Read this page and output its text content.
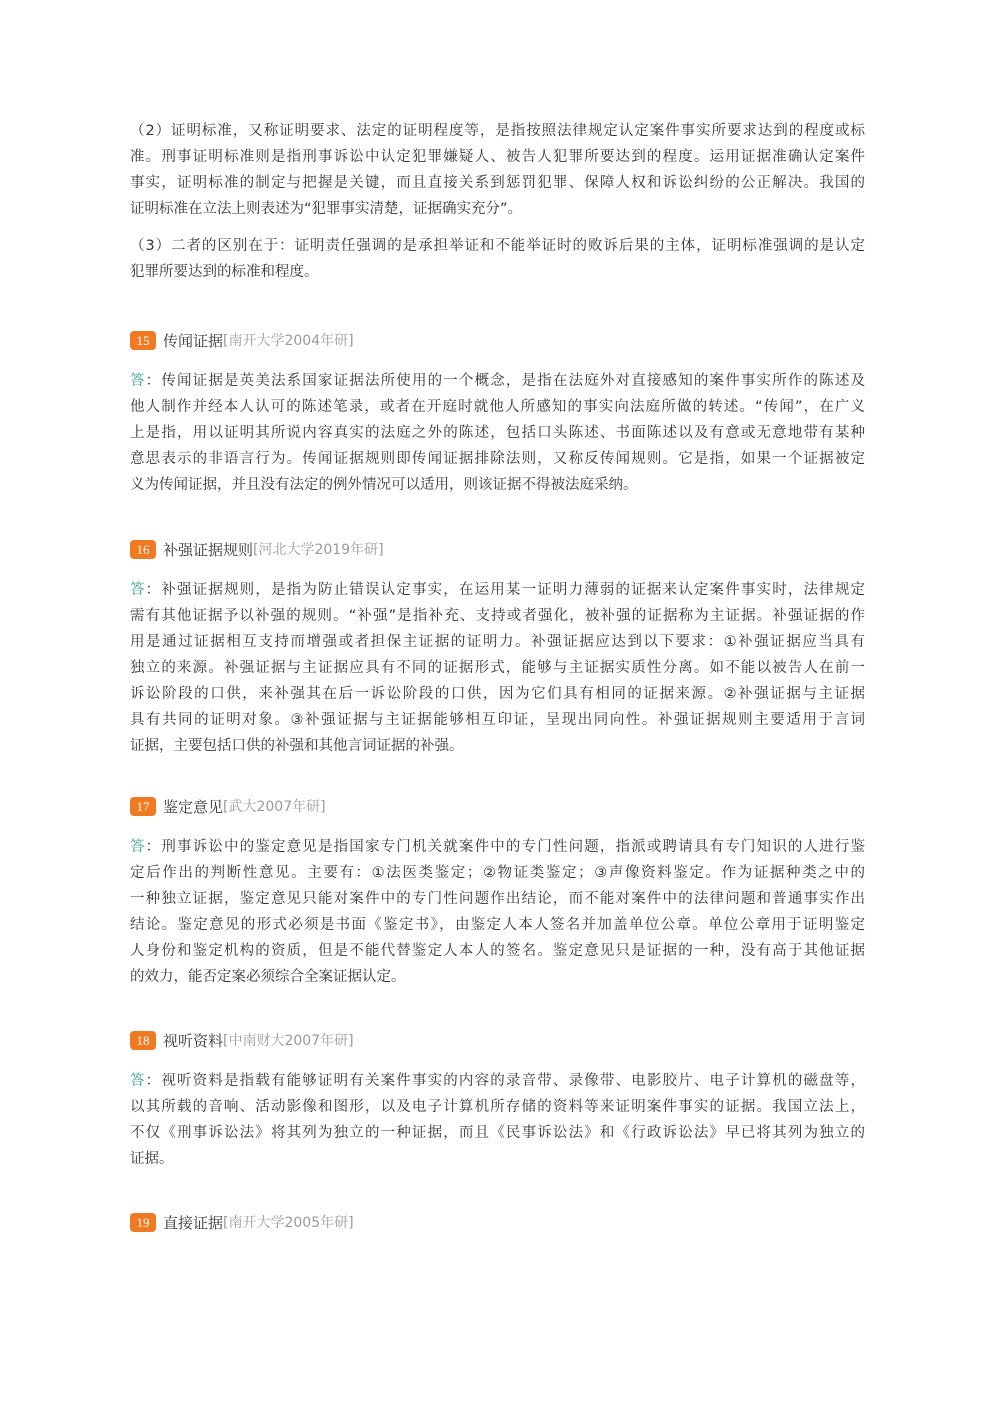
（2）证明标准，又称证明要求、法定的证明程度等，是指按照法律规定认定案件事实所要求达到的程度或标
准。刑事证明标准则是指刑事诉讼中认定犯罪嫌疑人、被告人犯罪所要达到的程度。运用证据准确认定案件
事实，证明标准的制定与把握是关键，而且直接关系到惩罚犯罪、保障人权和诉讼纠纷的公正解决。我国的
证明标准在立法上则表述为“犯罪事实清楚，证据确实充分”。
（3）二者的区别在于：证明责任强调的是承担举证和不能举证时的败诉后果的主体，证明标准强调的是认定
犯罪所要达到的标准和程度。
15 传闻证据 [南开大学2004年研]
答：传闻证据是英美法系国家证据法所使用的一个概念，是指在法庭外对直接感知的案件事实所作的陈述及
他人制作并经本人认可的陈述笔录，或者在开庭时就他人所感知的事实向法庭所做的转述。“传闻”，在广义
上是指，用以证明其所说内容真实的法庭之外的陈述，包括口头陈述、书面陈述以及有意或无意地带有某种
意思表示的非语言行为。传闻证据规则即传闻证据排除法则，又称反传闻规则。它是指，如果一个证据被定
义为传闻证据，并且没有法定的例外情况可以适用，则该证据不得被法庭采纳。
16 补强证据规则 [河北大学2019年研]
答：补强证据规则，是指为防止错误认定事实，在运用某一证明力薄弱的证据来认定案件事实时，法律规定
需有其他证据予以补强的规则。“补强”是指补充、支持或者强化，被补强的证据称为主证据。补强证据的作
用是通过证据相互支持而增强或者担保主证据的证明力。补强证据应达到以下要求：①补强证据应当具有
独立的来源。补强证据与主证据应具有不同的证据形式，能够与主证据实质性分离。如不能以被告人在前一
诉讼阶段的口供，来补强其在后一诉讼阶段的口供，因为它们具有相同的证据来源。②补强证据与主证据
具有共同的证明对象。③补强证据与主证据能够相互印证，呈现出同向性。补强证据规则主要适用于言词
证据，主要包括口供的补强和其他言词证据的补强。
17 鉴定意见 [武大2007年研]
答：刑事诉讼中的鉴定意见是指国家专门机关就案件中的专门性问题，指派或聘请具有专门知识的人进行鉴
定后作出的判断性意见。主要有：①法医类鉴定；②物证类鉴定；③声像资料鉴定。作为证据种类之中的
一种独立证据，鉴定意见只能对案件中的专门性问题作出结论，而不能对案件中的法律问题和普通事实作出
结论。鉴定意见的形式必须是书面《鉴定书》，由鉴定人本人签名并加盖单位公章。单位公章用于证明鉴定
人身份和鉴定机构的资质，但是不能代替鉴定人本人的签名。鉴定意见只是证据的一种，没有高于其他证据
的效力，能否定案必须综合全案证据认定。
18 视听资料 [中南财大2007年研]
答：视听资料是指载有能够证明有关案件事实的内容的录音带、录像带、电影胶片、电子计算机的磁盘等，
以其所载的音响、活动影像和图形，以及电子计算机所存储的资料等来证明案件事实的证据。我国立法上，
不仅《刑事诉讼法》将其列为独立的一种证据，而且《民事诉讼法》和《行政诉讼法》早已将其列为独立的
证据。
19 直接证据 [南开大学2005年研]
